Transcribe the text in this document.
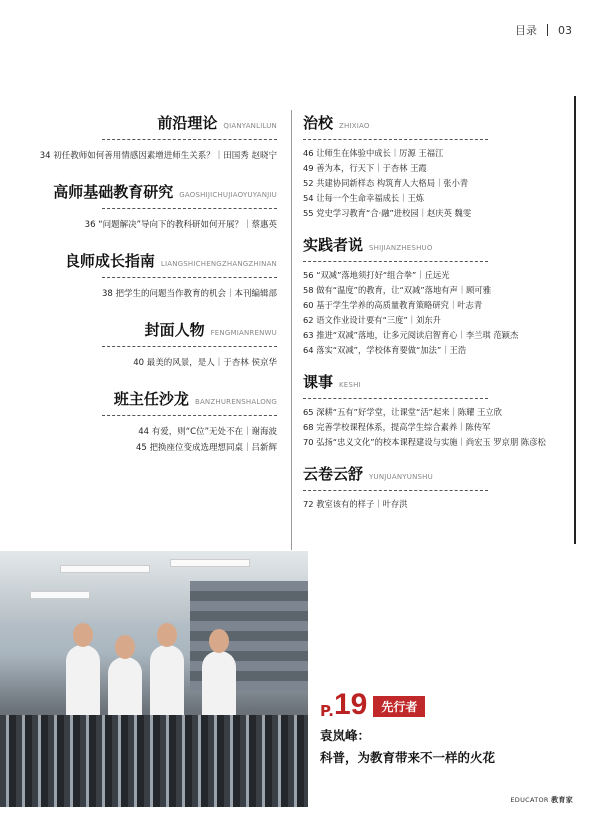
目录 03
前沿理论 QIANYANLILUN
34 初任教师如何善用情感因素增进师生关系？｜田国秀 赵晓宁
高师基础教育研究 GAOSHIJICHUJIAOYUYANJIU
36 “问题解决”导向下的教科研如何开展？｜蔡惠英
良师成长指南 LIANGSHICHENGZHANGZHINAN
38 把学生的问题当作教育的机会｜本刊编辑部
封面人物 FENGMIANRENWU
40 最美的风景，是人｜于杏林 侯京华
班主任沙龙 BANZHURENSHALONG
44 有爱，则“C位”无处不在｜谢海波
45 把换座位变成选理想同桌｜吕新辉
治校 ZHIXIAO
46 让师生在体验中成长｜厉源 王福江
49 善为本，行天下｜于杏林 王霞
52 共建协同新样态 构筑育人大格局｜张小青
54 让每一个生命幸福成长｜王炼
55 党史学习教育“合·融”进校园｜赵庆英 魏雯
实践者说 SHIJIANZHESHUO
56 “双减”落地须打好“组合拳”｜丘远光
58 做有“温度”的教育，让“双减”落地有声｜顾可雅
60 基于学生学养的高质量教育策略研究｜叶志青
62 语文作业设计要有“三度”｜刘东升
63 推进“双减”落地，让多元阅读启智育心｜李兰琪 范颖杰
64 落实“双减”，学校体育要做“加法”｜王浩
课事 KESHI
65 深耕“五有”好学堂，让课堂“活”起来｜陈耀 王立欣
68 完善学校课程体系，提高学生综合素养｜陈传军
70 弘扬“忠义文化”的校本课程建设与实施｜尚宏玉 罗京朋 陈彦松
云卷云舒 YUNJUANYUNSHU
72 教室该有的样子｜叶存洪
P. 19	先行者
袁岚峰：
科普，为教育带来不一样的火花
EDUCATOR 教育家
